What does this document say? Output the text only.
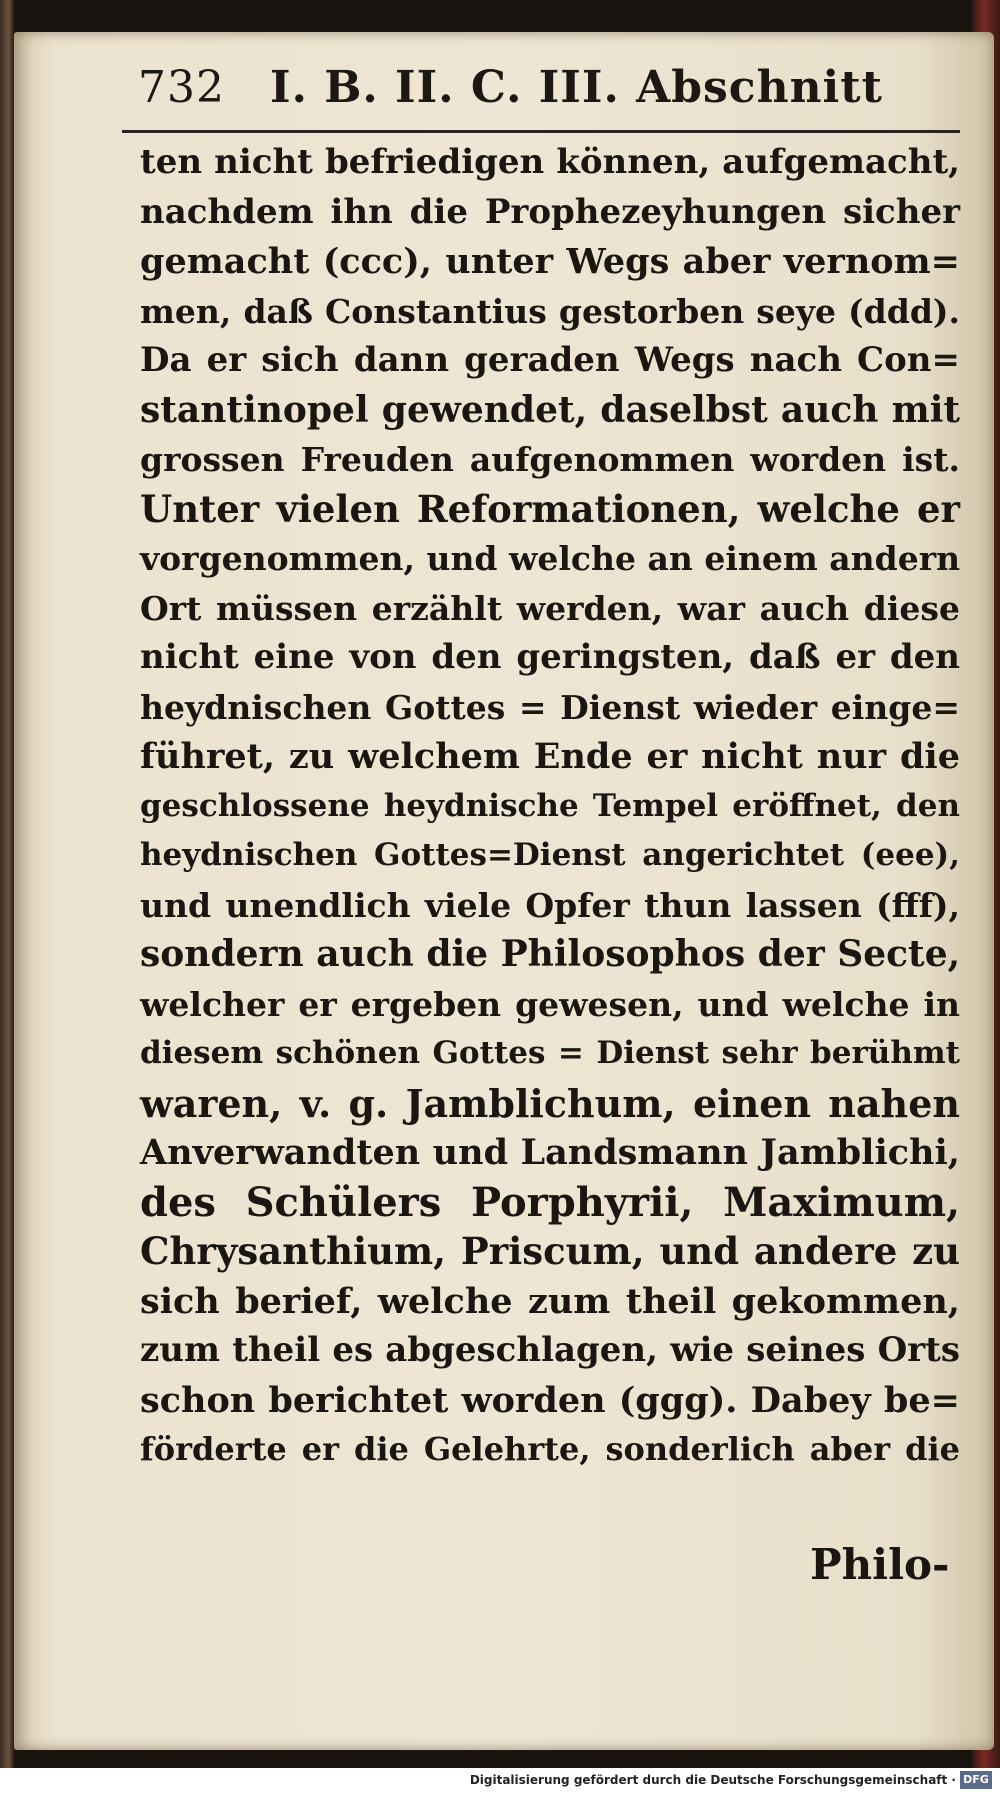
732 I. B. II. C. III. Abschnitt
ten nicht befriedigen können, aufgemacht,
nachdem ihn die Prophezeyhungen sicher
gemacht (ccc), unter Wegs aber vernom=
men, daß Constantius gestorben seye (ddd).
Da er sich dann geraden Wegs nach Con=
stantinopel gewendet, daselbst auch mit
grossen Freuden aufgenommen worden ist.
Unter vielen Reformationen, welche er
vorgenommen, und welche an einem andern
Ort müssen erzählt werden, war auch diese
nicht eine von den geringsten, daß er den
heydnischen Gottes = Dienst wieder einge=
führet, zu welchem Ende er nicht nur die
geschlossene heydnische Tempel eröffnet, den
heydnischen Gottes=Dienst angerichtet (eee),
und unendlich viele Opfer thun lassen (fff),
sondern auch die Philosophos der Secte,
welcher er ergeben gewesen, und welche in
diesem schönen Gottes = Dienst sehr berühmt
waren, v. g. Jamblichum, einen nahen
Anverwandten und Landsmann Jamblichi,
des Schülers Porphyrii, Maximum,
Chrysanthium, Priscum, und andere zu
sich berief, welche zum theil gekommen,
zum theil es abgeschlagen, wie seines Orts
schon berichtet worden (ggg). Dabey be=
förderte er die Gelehrte, sonderlich aber die
Philo-
Digitalisierung gefördert durch die Deutsche Forschungsgemeinschaft · DFG
